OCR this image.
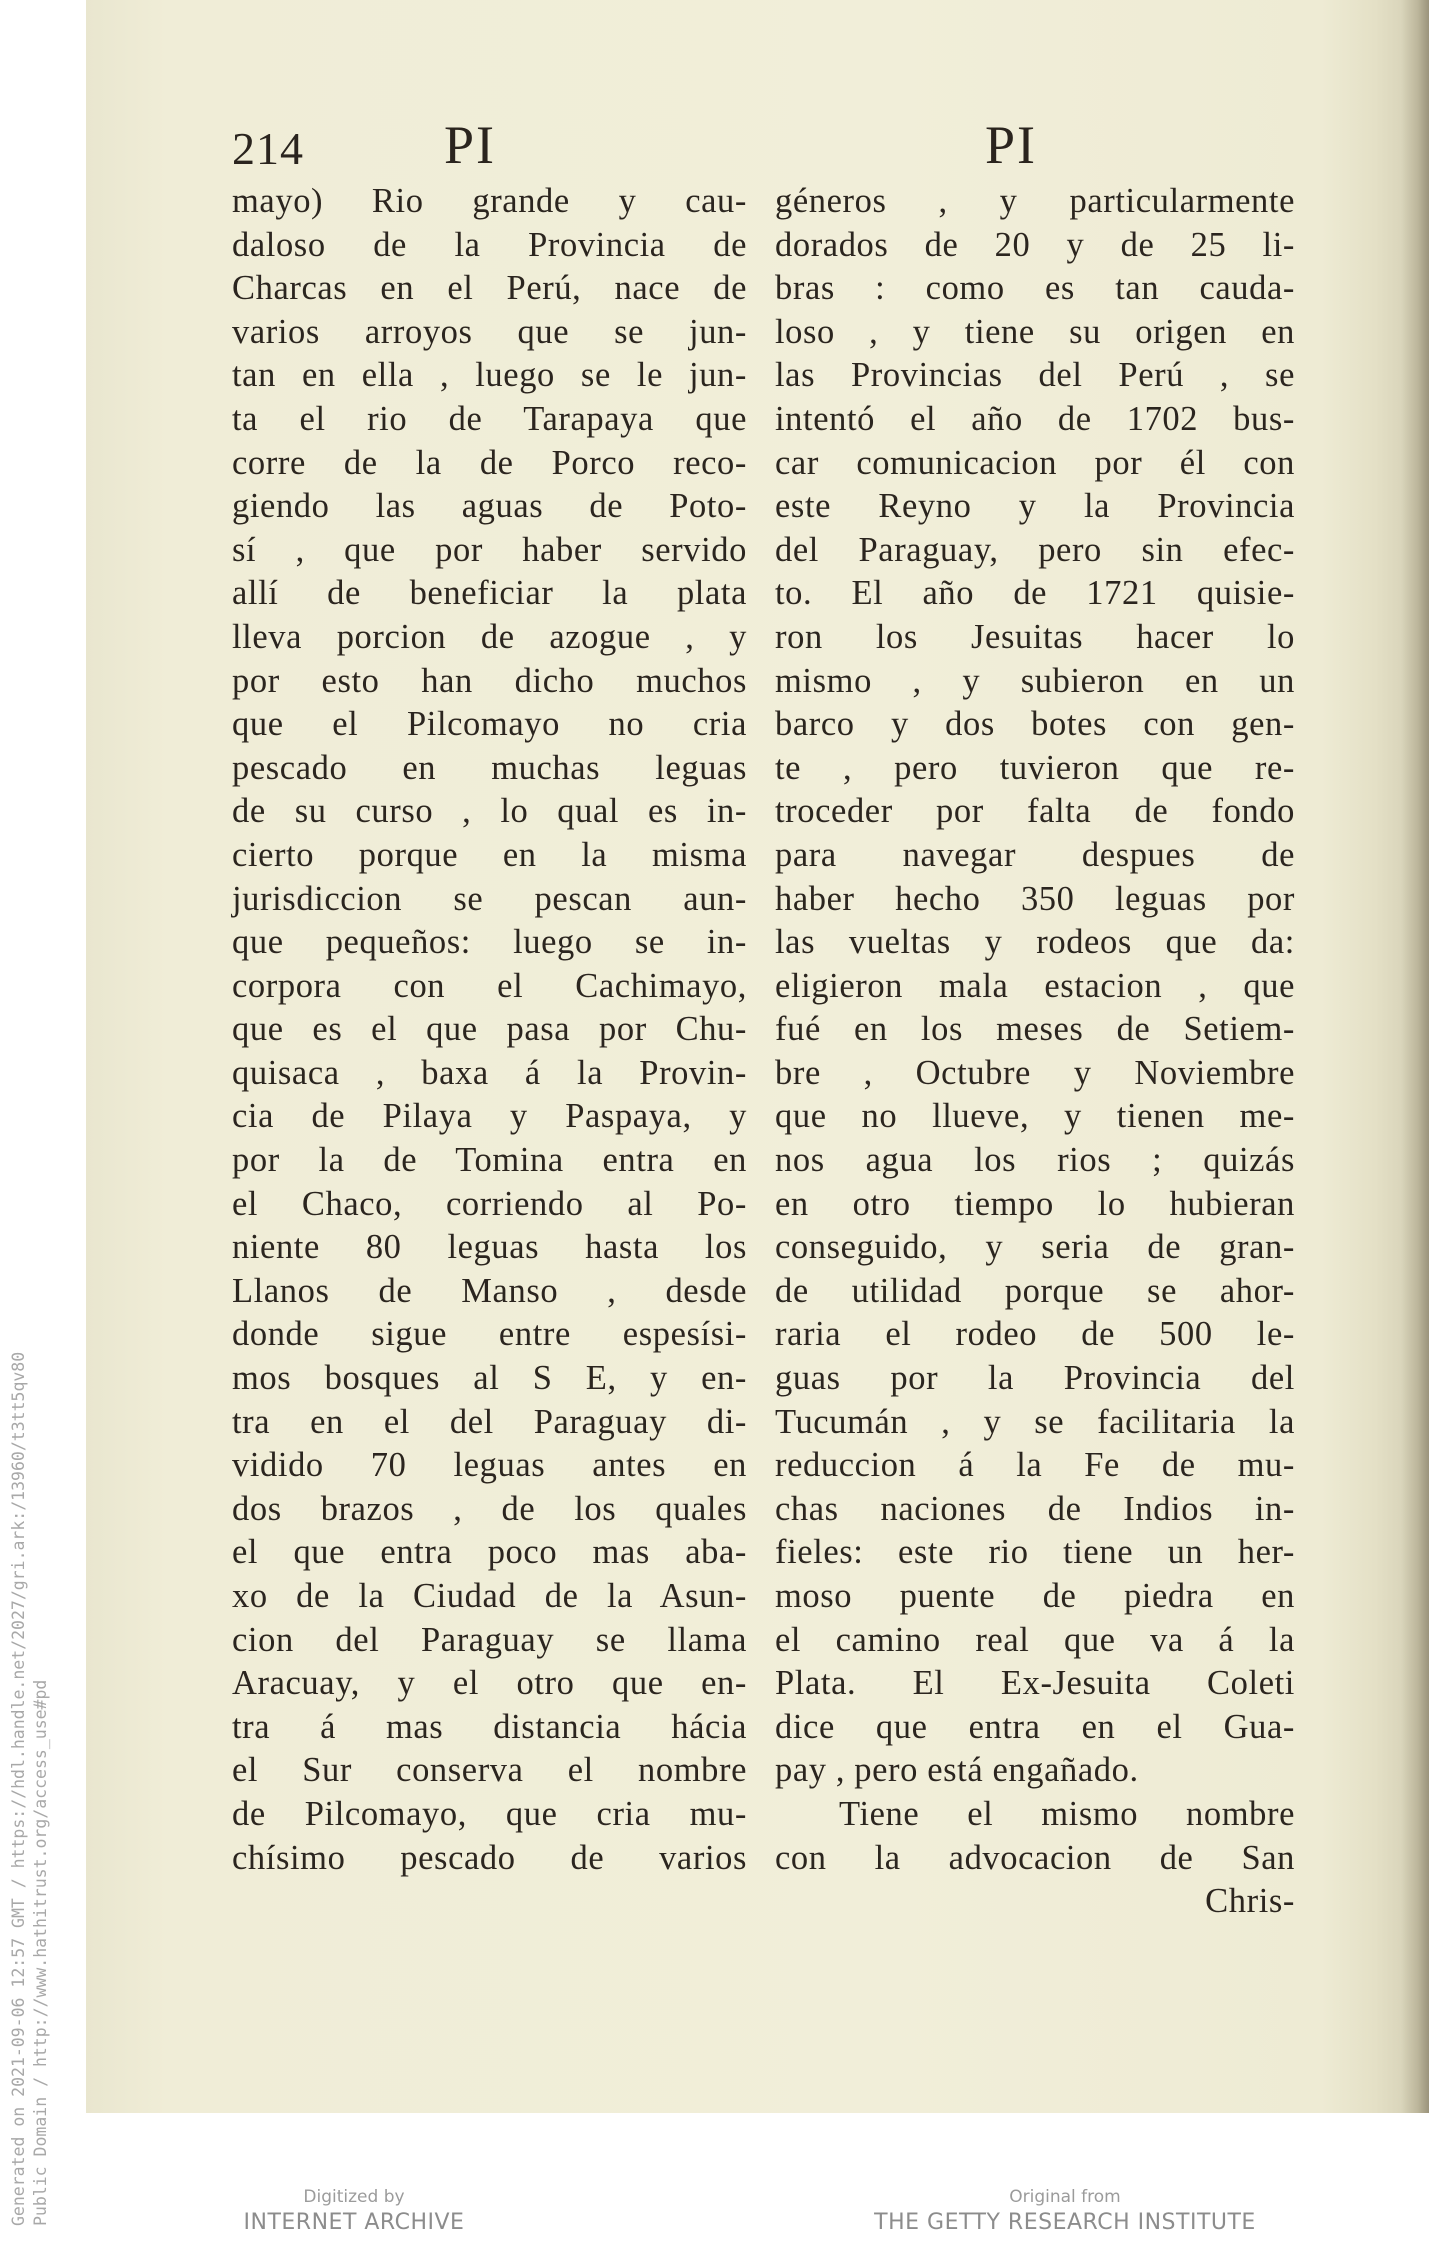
214	PI	PI

mayo) Rio grande y cau-
daloso de la Provincia de
Charcas en el Perú, nace de
varios arroyos que se jun-
tan en ella , luego se le jun-
ta el rio de Tarapaya que
corre de la de Porco reco-
giendo las aguas de Poto-
sí , que por haber servido
allí de beneficiar la plata
lleva porcion de azogue , y
por esto han dicho muchos
que el Pilcomayo no cria
pescado en muchas leguas
de su curso , lo qual es in-
cierto porque en la misma
jurisdiccion se pescan aun-
que pequeños: luego se in-
corpora con el Cachimayo,
que es el que pasa por Chu-
quisaca , baxa á la Provin-
cia de Pilaya y Paspaya, y
por la de Tomina entra en
el Chaco, corriendo al Po-
niente 80 leguas hasta los
Llanos de Manso , desde
donde sigue entre espesísi-
mos bosques al S E, y en-
tra en el del Paraguay di-
vidido 70 leguas antes en
dos brazos , de los quales
el que entra poco mas aba-
xo de la Ciudad de la Asun-
cion del Paraguay se llama
Aracuay, y el otro que en-
tra á mas distancia hácia
el Sur conserva el nombre
de Pilcomayo, que cria mu-
chísimo pescado de varios
géneros , y particularmente
dorados de 20 y de 25 li-
bras : como es tan cauda-
loso , y tiene su origen en
las Provincias del Perú , se
intentó el año de 1702 bus-
car comunicacion por él con
este Reyno y la Provincia
del Paraguay, pero sin efec-
to. El año de 1721 quisie-
ron los Jesuitas hacer lo
mismo , y subieron en un
barco y dos botes con gen-
te , pero tuvieron que re-
troceder por falta de fondo
para navegar despues de
haber hecho 350 leguas por
las vueltas y rodeos que da:
eligieron mala estacion , que
fué en los meses de Setiem-
bre , Octubre y Noviembre
que no llueve, y tienen me-
nos agua los rios ; quizás
en otro tiempo lo hubieran
conseguido, y seria de gran-
de utilidad porque se ahor-
raria el rodeo de 500 le-
guas por la Provincia del
Tucumán , y se facilitaria la
reduccion á la Fe de mu-
chas naciones de Indios in-
fieles: este rio tiene un her-
moso puente de piedra en
el camino real que va á la
Plata. El Ex-Jesuita Coleti
dice que entra en el Gua-
pay , pero está engañado.
Tiene el mismo nombre
con la advocacion de San
Chris-
Digitized by
INTERNET ARCHIVE
Original from
THE GETTY RESEARCH INSTITUTE
Generated on 2021-09-06 12:57 GMT / https://hdl.handle.net/2027/gri.ark:/13960/t3tt5qv80 Public Domain / http://www.hathitrust.org/access_use#pd
